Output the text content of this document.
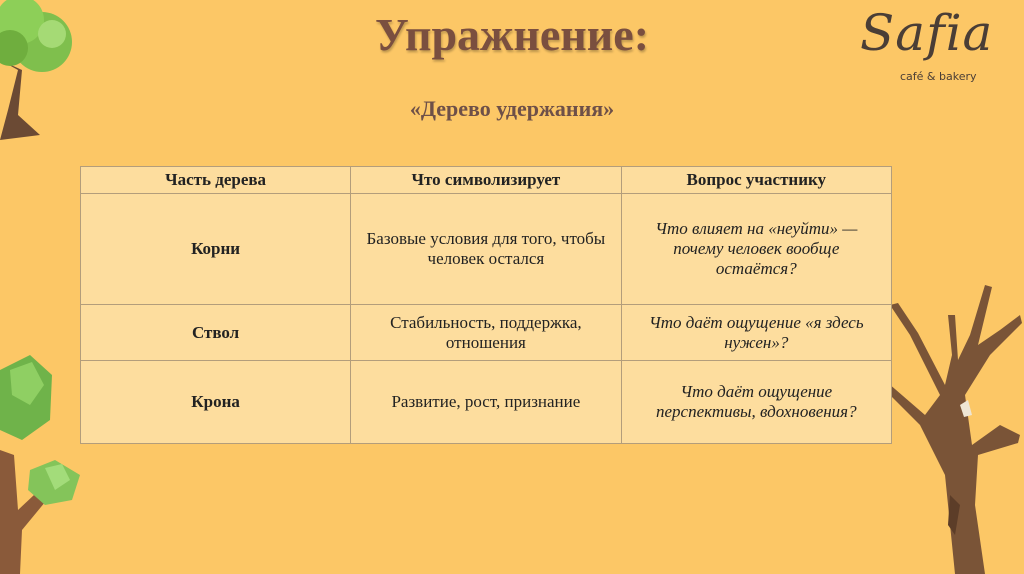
Упражнение:
«Дерево удержания»
Safia
café & bakery
Часть дерева	Что символизирует	Вопрос участнику
Корни	Базовые условия для того, чтобы человек остался	Что влияет на «неуйти» — почему человек вообще остаётся?
Ствол	Стабильность, поддержка, отношения	Что даёт ощущение «я здесь нужен»?
Крона	Развитие, рост, признание	Что даёт ощущение перспективы, вдохновения?
